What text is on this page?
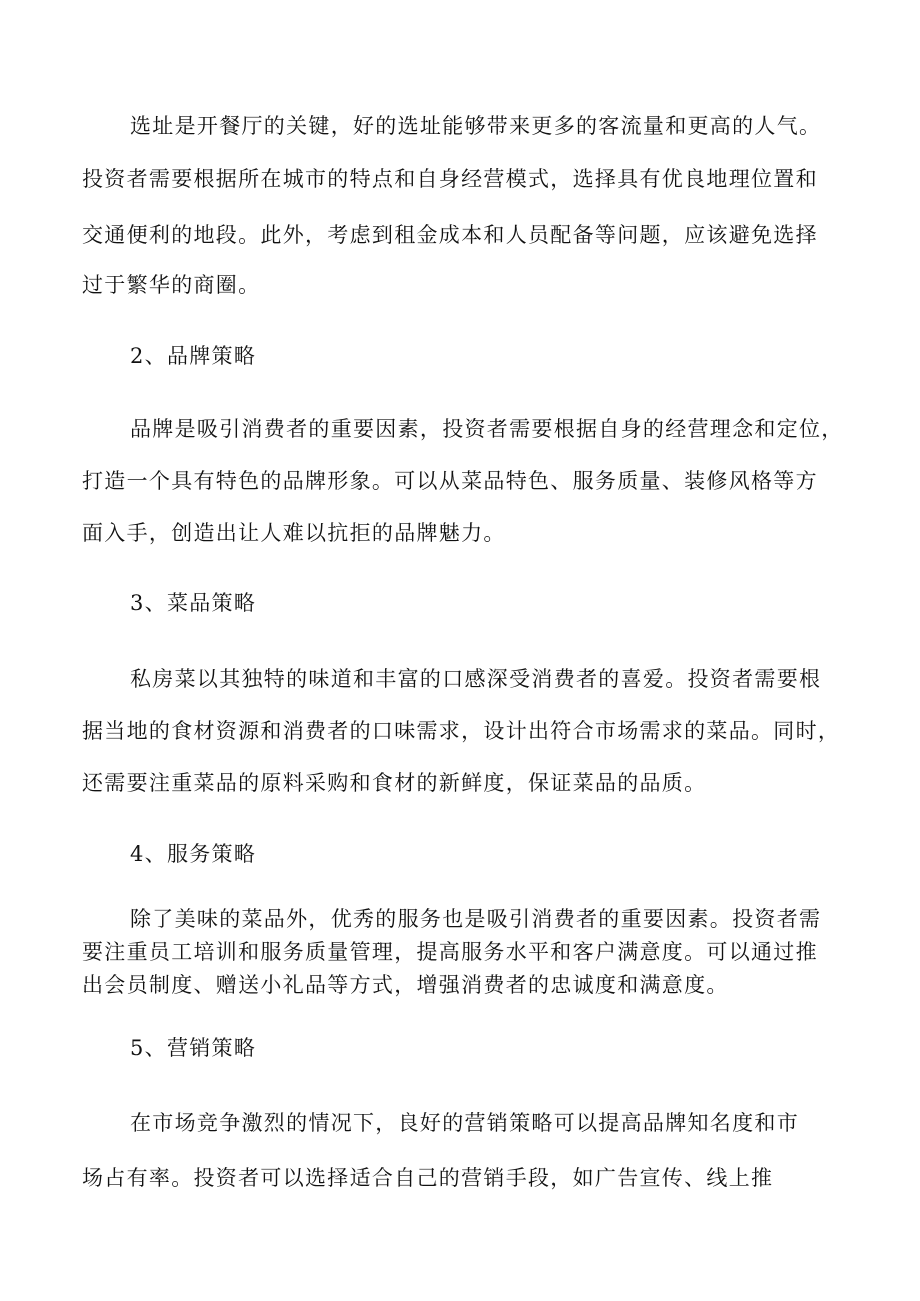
选址是开餐厅的关键，好的选址能够带来更多的客流量和更高的人气。
投资者需要根据所在城市的特点和自身经营模式，选择具有优良地理位置和
交通便利的地段。此外，考虑到租金成本和人员配备等问题，应该避免选择
过于繁华的商圈。
2、品牌策略
品牌是吸引消费者的重要因素，投资者需要根据自身的经营理念和定位，
打造一个具有特色的品牌形象。可以从菜品特色、服务质量、装修风格等方
面入手，创造出让人难以抗拒的品牌魅力。
3、菜品策略
私房菜以其独特的味道和丰富的口感深受消费者的喜爱。投资者需要根
据当地的食材资源和消费者的口味需求，设计出符合市场需求的菜品。同时，
还需要注重菜品的原料采购和食材的新鲜度，保证菜品的品质。
4、服务策略
除了美味的菜品外，优秀的服务也是吸引消费者的重要因素。投资者需
要注重员工培训和服务质量管理，提高服务水平和客户满意度。可以通过推
出会员制度、赠送小礼品等方式，增强消费者的忠诚度和满意度。
5、营销策略
在市场竞争激烈的情况下，良好的营销策略可以提高品牌知名度和市
场占有率。投资者可以选择适合自己的营销手段，如广告宣传、线上推
